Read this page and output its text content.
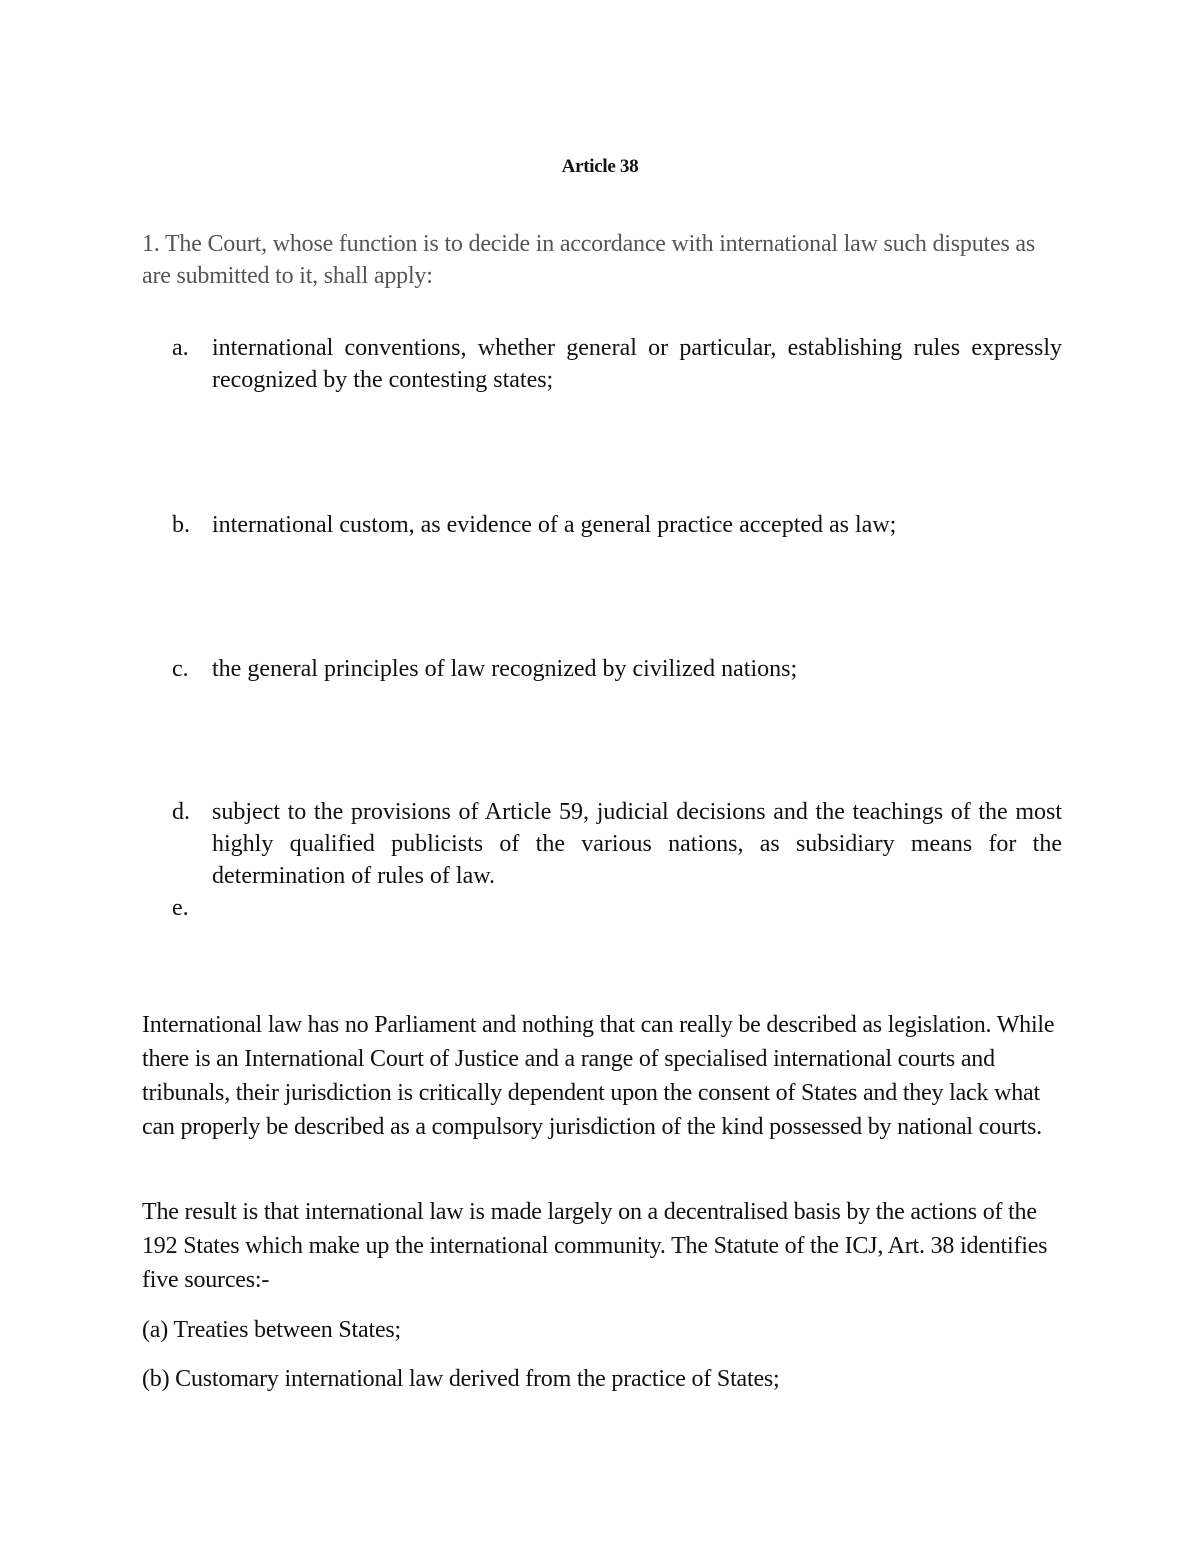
Article 38
1. The Court, whose function is to decide in accordance with international law such disputes as are submitted to it, shall apply:
a. international conventions, whether general or particular, establishing rules expressly recognized by the contesting states;
b. international custom, as evidence of a general practice accepted as law;
c. the general principles of law recognized by civilized nations;
d. subject to the provisions of Article 59, judicial decisions and the teachings of the most highly qualified publicists of the various nations, as subsidiary means for the determination of rules of law.
e.
International law has no Parliament and nothing that can really be described as legislation. While there is an International Court of Justice and a range of specialised international courts and tribunals, their jurisdiction is critically dependent upon the consent of States and they lack what can properly be described as a compulsory jurisdiction of the kind possessed by national courts.
The result is that international law is made largely on a decentralised basis by the actions of the 192 States which make up the international community. The Statute of the ICJ, Art. 38 identifies five sources:-
(a) Treaties between States;
(b) Customary international law derived from the practice of States;
